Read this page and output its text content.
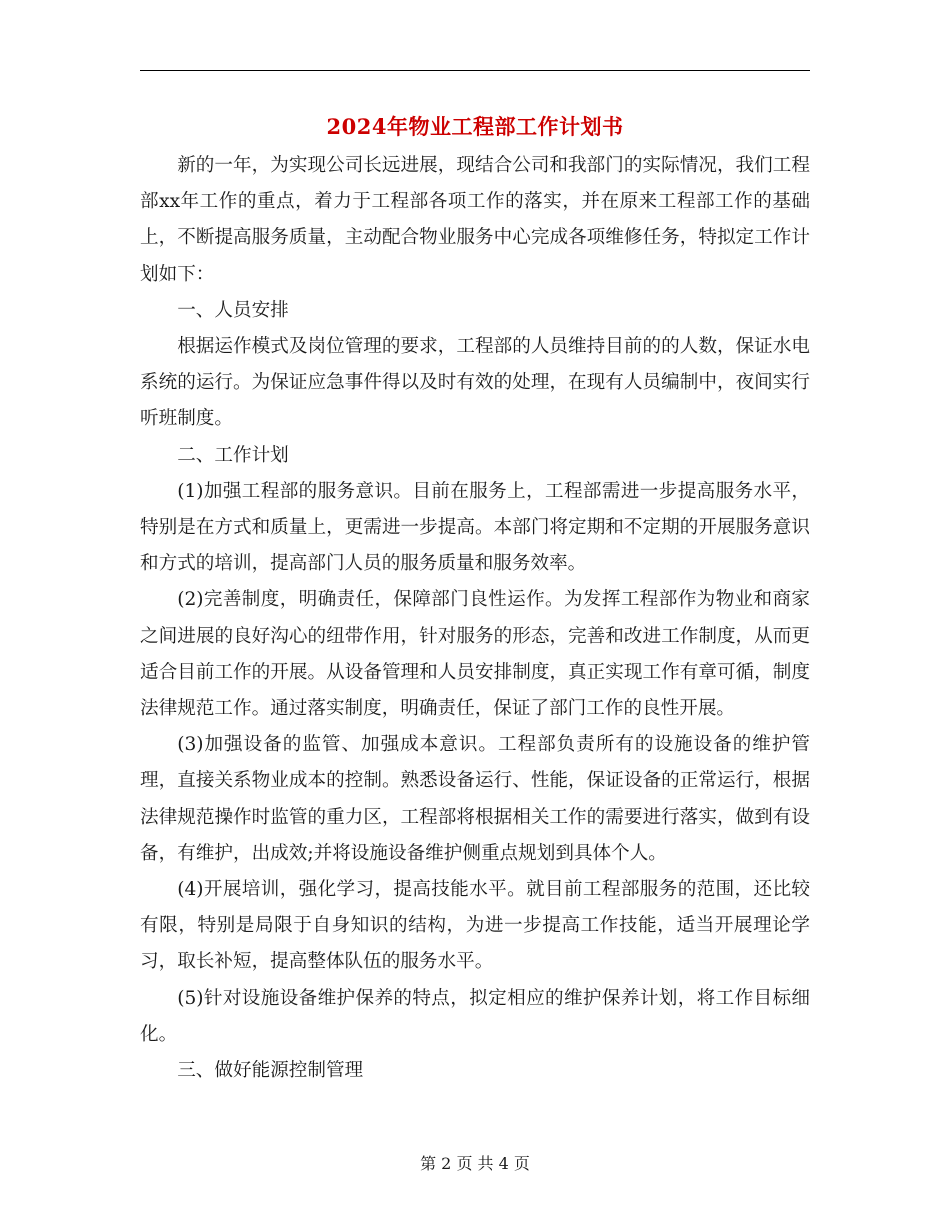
2024年物业工程部工作计划书

新的一年，为实现公司长远进展，现结合公司和我部门的实际情况，我们工程部xx年工作的重点，着力于工程部各项工作的落实，并在原来工程部工作的基础上，不断提高服务质量，主动配合物业服务中心完成各项维修任务，特拟定工作计划如下：

一、人员安排

根据运作模式及岗位管理的要求，工程部的人员维持目前的的人数，保证水电系统的运行。为保证应急事件得以及时有效的处理，在现有人员编制中，夜间实行听班制度。

二、工作计划

(1)加强工程部的服务意识。目前在服务上，工程部需进一步提高服务水平，特别是在方式和质量上，更需进一步提高。本部门将定期和不定期的开展服务意识和方式的培训，提高部门人员的服务质量和服务效率。

(2)完善制度，明确责任，保障部门良性运作。为发挥工程部作为物业和商家之间进展的良好沟心的纽带作用，针对服务的形态，完善和改进工作制度，从而更适合目前工作的开展。从设备管理和人员安排制度，真正实现工作有章可循，制度法律规范工作。通过落实制度，明确责任，保证了部门工作的良性开展。

(3)加强设备的监管、加强成本意识。工程部负责所有的设施设备的维护管理，直接关系物业成本的控制。熟悉设备运行、性能，保证设备的正常运行，根据法律规范操作时监管的重力区，工程部将根据相关工作的需要进行落实，做到有设备，有维护，出成效;并将设施设备维护侧重点规划到具体个人。

(4)开展培训，强化学习，提高技能水平。就目前工程部服务的范围，还比较有限，特别是局限于自身知识的结构，为进一步提高工作技能，适当开展理论学习，取长补短，提高整体队伍的服务水平。

(5)针对设施设备维护保养的特点，拟定相应的维护保养计划，将工作目标细化。

三、做好能源控制管理

第 2 页 共 4 页
